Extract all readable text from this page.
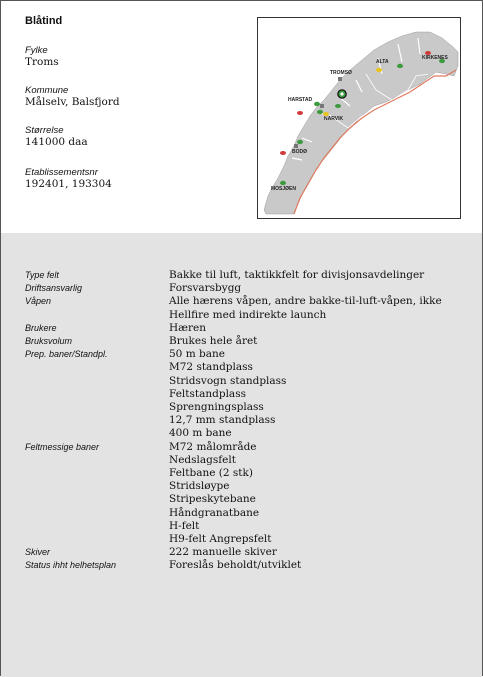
Blåtind
Fylke
Troms
Kommune
Målselv, Balsfjord
Størrelse
141000 daa
Etablissementsnr
192401, 193304
TROMSØ
ALTA
KIRKENES
HARSTAD
NARVIK
BODØ
MOSJØEN
Type felt	Bakke til luft, taktikkfelt for divisjonsavdelinger
Driftsansvarlig	Forsvarsbygg
Våpen	Alle hærens våpen, andre bakke-til-luft-våpen, ikke Hellfire med indirekte launch
Brukere	Hæren
Bruksvolum	Brukes hele året
Prep. baner/Standpl.	50 m bane
M72 standplass
Stridsvogn standplass
Feltstandplass
Sprengningsplass
12,7 mm standplass
400 m bane
Feltmessige baner	M72 målområde
Nedslagsfelt
Feltbane (2 stk)
Stridsløype
Stripeskytebane
Håndgranatbane
H-felt
H9-felt Angrepsfelt
Skiver	222 manuelle skiver
Status ihht helhetsplan	Foreslås beholdt/utviklet
